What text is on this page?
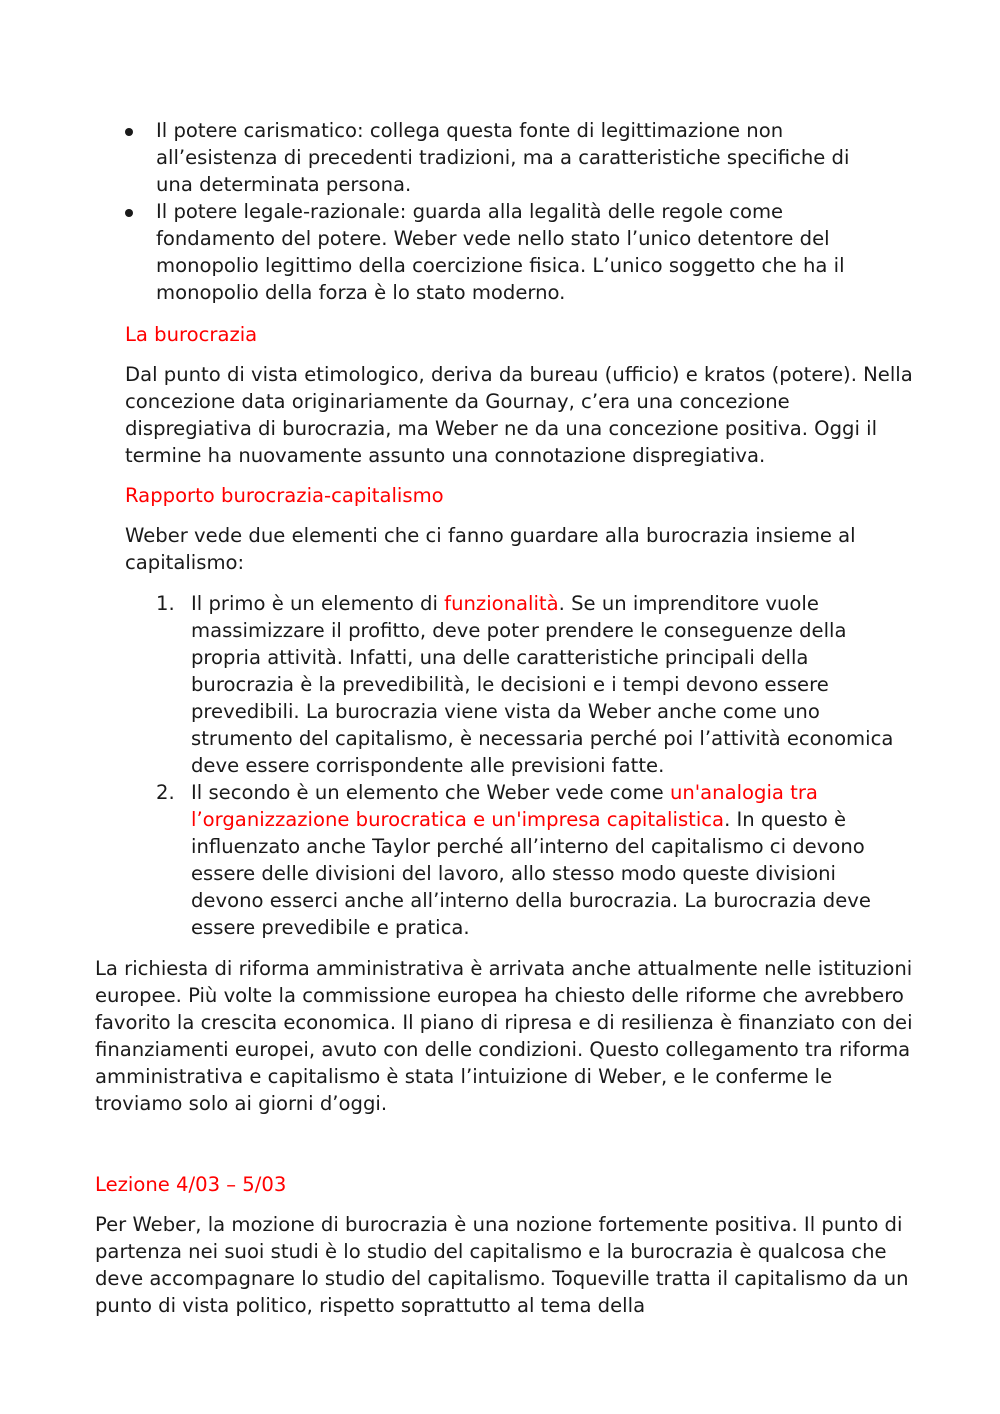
Il potere carismatico: collega questa fonte di legittimazione non all’esistenza di precedenti tradizioni, ma a caratteristiche specifiche di una determinata persona.
Il potere legale-razionale: guarda alla legalità delle regole come fondamento del potere. Weber vede nello stato l’unico detentore del monopolio legittimo della coercizione fisica. L’unico soggetto che ha il monopolio della forza è lo stato moderno.

La burocrazia

Dal punto di vista etimologico, deriva da bureau (ufficio) e kratos (potere). Nella concezione data originariamente da Gournay, c’era una concezione dispregiativa di burocrazia, ma Weber ne da una concezione positiva. Oggi il termine ha nuovamente assunto una connotazione dispregiativa.

Rapporto burocrazia-capitalismo

Weber vede due elementi che ci fanno guardare alla burocrazia insieme al capitalismo:

1. Il primo è un elemento di funzionalità. Se un imprenditore vuole massimizzare il profitto, deve poter prendere le conseguenze della propria attività. Infatti, una delle caratteristiche principali della burocrazia è la prevedibilità, le decisioni e i tempi devono essere prevedibili. La burocrazia viene vista da Weber anche come uno strumento del capitalismo, è necessaria perché poi l’attività economica deve essere corrispondente alle previsioni fatte.
2. Il secondo è un elemento che Weber vede come un'analogia tra l’organizzazione burocratica e un'impresa capitalistica. In questo è influenzato anche Taylor perché all’interno del capitalismo ci devono essere delle divisioni del lavoro, allo stesso modo queste divisioni devono esserci anche all’interno della burocrazia. La burocrazia deve essere prevedibile e pratica.

La richiesta di riforma amministrativa è arrivata anche attualmente nelle istituzioni europee. Più volte la commissione europea ha chiesto delle riforme che avrebbero favorito la crescita economica. Il piano di ripresa e di resilienza è finanziato con dei finanziamenti europei, avuto con delle condizioni. Questo collegamento tra riforma amministrativa e capitalismo è stata l’intuizione di Weber, e le conferme le troviamo solo ai giorni d’oggi.

Lezione 4/03 – 5/03

Per Weber, la mozione di burocrazia è una nozione fortemente positiva. Il punto di partenza nei suoi studi è lo studio del capitalismo e la burocrazia è qualcosa che deve accompagnare lo studio del capitalismo. Toqueville tratta il capitalismo da un punto di vista politico, rispetto soprattutto al tema della
